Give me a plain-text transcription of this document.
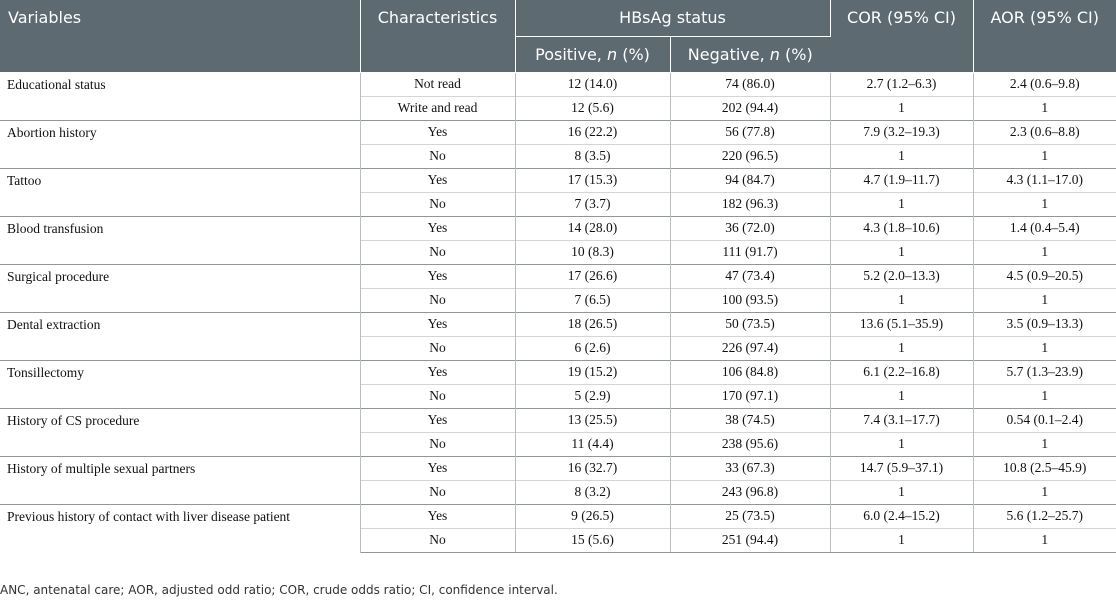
Variables	Characteristics	HBsAg status		COR (95% CI)	AOR (95% CI)
		Positive, n (%)	Negative, n (%)		
Educational status	Not read	12 (14.0)	74 (86.0)	2.7 (1.2–6.3)	2.4 (0.6–9.8)
	Write and read	12 (5.6)	202 (94.4)	1	1
Abortion history	Yes	16 (22.2)	56 (77.8)	7.9 (3.2–19.3)	2.3 (0.6–8.8)
	No	8 (3.5)	220 (96.5)	1	1
Tattoo	Yes	17 (15.3)	94 (84.7)	4.7 (1.9–11.7)	4.3 (1.1–17.0)
	No	7 (3.7)	182 (96.3)	1	1
Blood transfusion	Yes	14 (28.0)	36 (72.0)	4.3 (1.8–10.6)	1.4 (0.4–5.4)
	No	10 (8.3)	111 (91.7)	1	1
Surgical procedure	Yes	17 (26.6)	47 (73.4)	5.2 (2.0–13.3)	4.5 (0.9–20.5)
	No	7 (6.5)	100 (93.5)	1	1
Dental extraction	Yes	18 (26.5)	50 (73.5)	13.6 (5.1–35.9)	3.5 (0.9–13.3)
	No	6 (2.6)	226 (97.4)	1	1
Tonsillectomy	Yes	19 (15.2)	106 (84.8)	6.1 (2.2–16.8)	5.7 (1.3–23.9)
	No	5 (2.9)	170 (97.1)	1	1
History of CS procedure	Yes	13 (25.5)	38 (74.5)	7.4 (3.1–17.7)	0.54 (0.1–2.4)
	No	11 (4.4)	238 (95.6)	1	1
History of multiple sexual partners	Yes	16 (32.7)	33 (67.3)	14.7 (5.9–37.1)	10.8 (2.5–45.9)
	No	8 (3.2)	243 (96.8)	1	1
Previous history of contact with liver disease patient	Yes	9 (26.5)	25 (73.5)	6.0 (2.4–15.2)	5.6 (1.2–25.7)
	No	15 (5.6)	251 (94.4)	1	1
ANC, antenatal care; AOR, adjusted odd ratio; COR, crude odds ratio; CI, confidence interval.
